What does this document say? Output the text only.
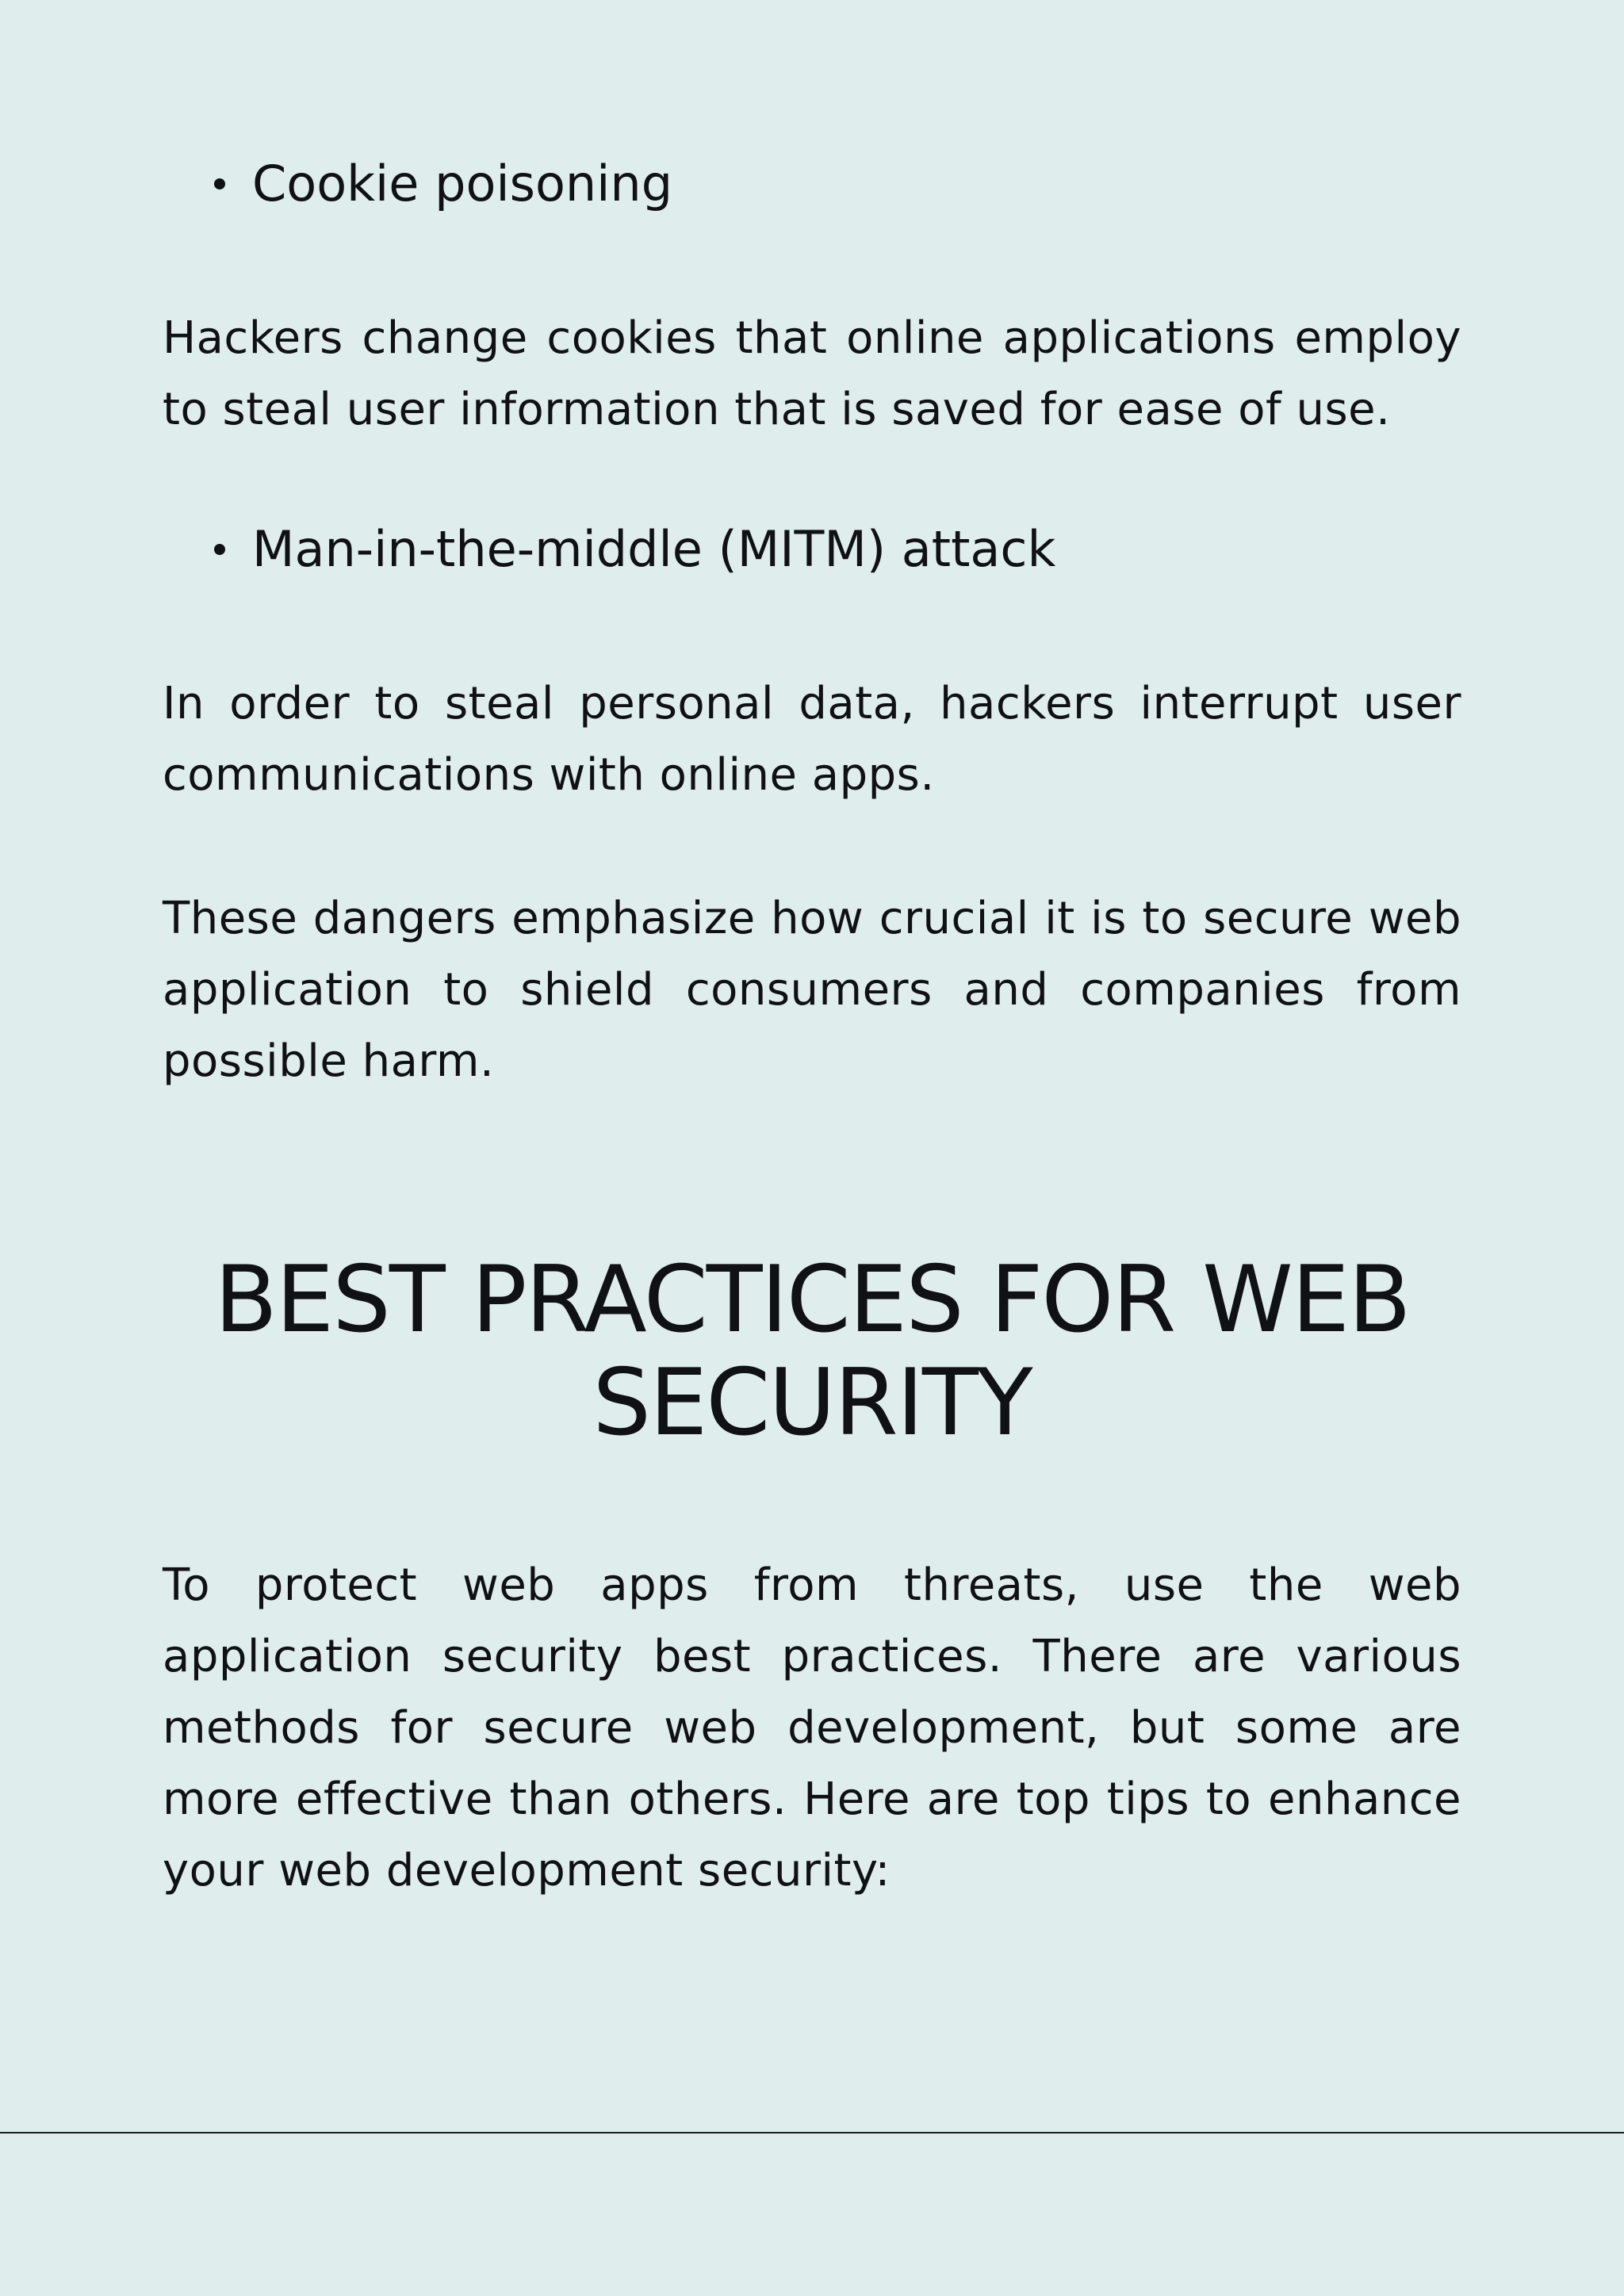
Cookie poisoning

Hackers change cookies that online applications employ to steal user information that is saved for ease of use.

Man-in-the-middle (MITM) attack

In order to steal personal data, hackers interrupt user communications with online apps.

These dangers emphasize how crucial it is to secure web application to shield consumers and companies from possible harm.

BEST PRACTICES FOR WEB SECURITY

To protect web apps from threats, use the web application security best practices. There are various methods for secure web development, but some are more effective than others. Here are top tips to enhance your web development security:
